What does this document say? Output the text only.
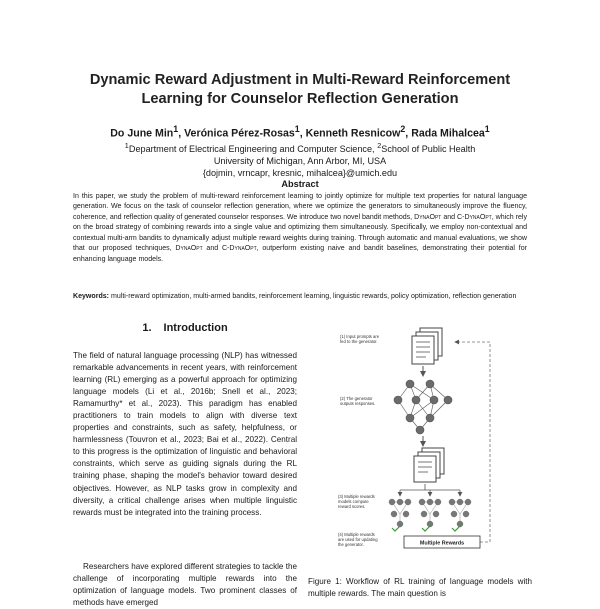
Dynamic Reward Adjustment in Multi-Reward Reinforcement
Learning for Counselor Reflection Generation
Do June Min$^1$, Verónica Pérez-Rosas$^1$, Kenneth Resnicow$^2$, Rada Mihalcea$^1$
$^1$Department of Electrical Engineering and Computer Science, $^2$School of Public Health
University of Michigan, Ann Arbor, MI, USA
{dojmin, vrncapr, kresnic, mihalcea}@umich.edu
Abstract
In this paper, we study the problem of multi-reward reinforcement learning to jointly optimize for multiple text properties for natural language generation. We focus on the task of counselor reflection generation, where we optimize the generators to simultaneously improve the fluency, coherence, and reflection quality of generated counselor responses. We introduce two novel bandit methods, DynaOpt and C-DynaOpt, which rely on the broad strategy of combining rewards into a single value and optimizing them simultaneously. Specifically, we employ non-contextual and contextual multi-arm bandits to dynamically adjust multiple reward weights during training. Through automatic and manual evaluations, we show that our proposed techniques, DynaOpt and C-DynaOpt, outperform existing naive and bandit baselines, demonstrating their potential for enhancing language models.
Keywords: multi-reward optimization, multi-armed bandits, reinforcement learning, linguistic rewards, policy optimization, reflection generation
1. Introduction
The field of natural language processing (NLP) has witnessed remarkable advancements in recent years, with reinforcement learning (RL) emerging as a powerful approach for optimizing language models (Li et al., 2016b; Snell et al., 2023; Ramamurthy* et al., 2023). This paradigm has enabled practitioners to train models to align with diverse text properties and constraints, such as safety, helpfulness, or harmlessness (Touvron et al., 2023; Bai et al., 2022). Central to this progress is the optimization of linguistic and behavioral constraints, which serve as guiding signals during the RL training phase, shaping the model's behavior toward desired objectives. However, as NLP tasks grow in complexity and diversity, a critical challenge arises when multiple linguistic rewards must be integrated into the training process.
Researchers have explored different strategies to tackle the challenge of incorporating multiple rewards into the optimization of language models. Two prominent classes of methods have emerged
Multiple Rewards
(1) Input prompts are fed to the generator.
(2) The generator outputs responses.
(3) Multiple rewards models compute reward scores.
(4) Multiple rewards are used for updating the generator.
Figure 1: Workflow of RL training of language models with multiple rewards. The main question is
